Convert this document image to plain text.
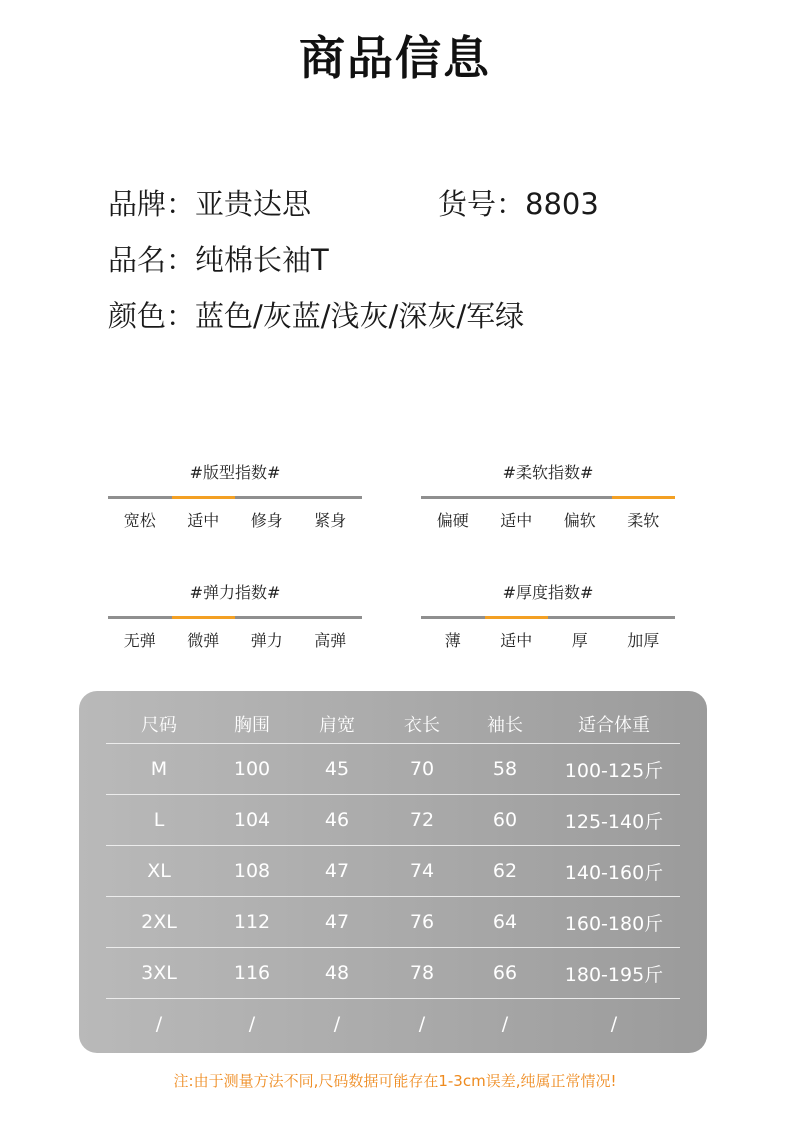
商品信息
品牌：亚贵达思	货号：8803
品名：纯棉长袖T
颜色：蓝色/灰蓝/浅灰/深灰/军绿
#版型指数#
宽松	适中	修身	紧身
#柔软指数#
偏硬	适中	偏软	柔软
#弹力指数#
无弹	微弹	弹力	高弹
#厚度指数#
薄	适中	厚	加厚
尺码	胸围	肩宽	衣长	袖长	适合体重
M	100	45	70	58	100-125斤
L	104	46	72	60	125-140斤
XL	108	47	74	62	140-160斤
2XL	112	47	76	64	160-180斤
3XL	116	48	78	66	180-195斤
/	/	/	/	/	/
注:由于测量方法不同,尺码数据可能存在1-3cm误差,纯属正常情况!
